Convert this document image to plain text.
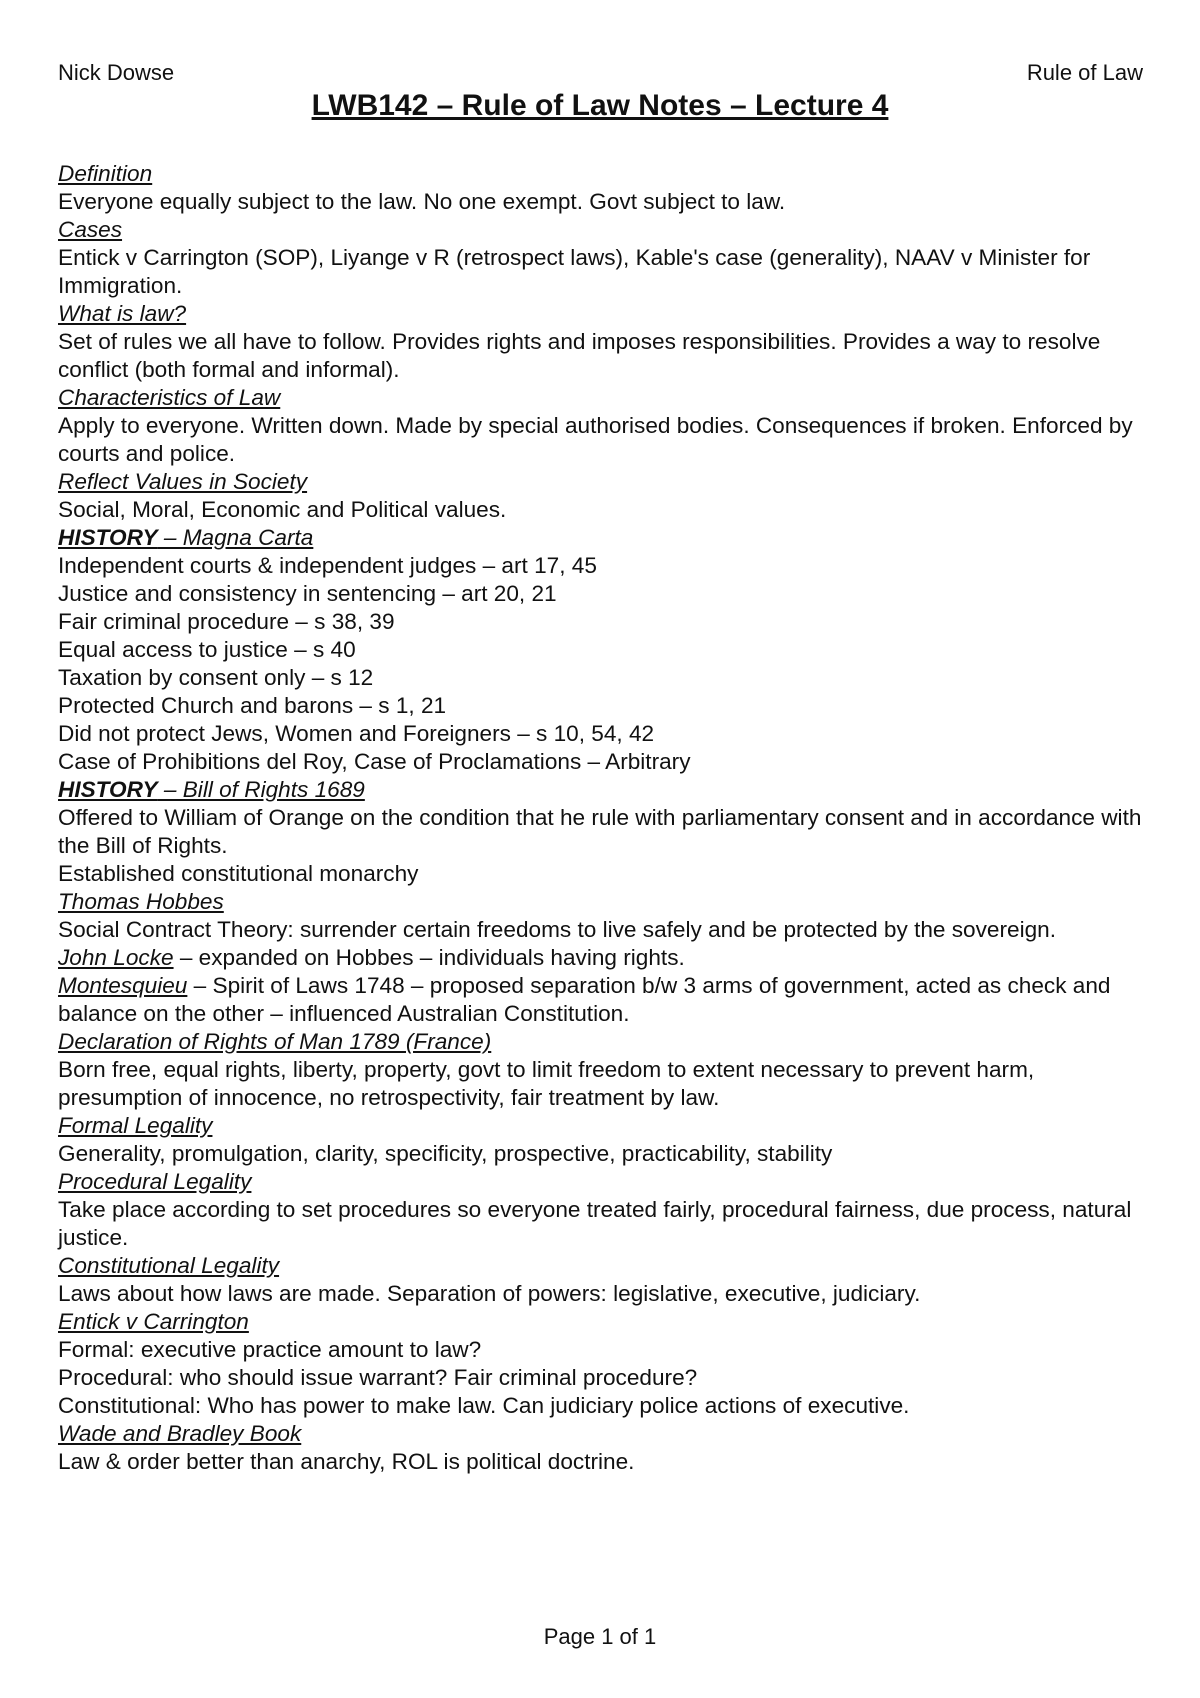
Nick Dowse	Rule of Law
LWB142 – Rule of Law Notes – Lecture 4

Definition

Everyone equally subject to the law. No one exempt. Govt subject to law.

Cases

Entick v Carrington (SOP), Liyange v R (retrospect laws), Kable's case (generality), NAAV v Minister for Immigration.

What is law?

Set of rules we all have to follow. Provides rights and imposes responsibilities. Provides a way to resolve conflict (both formal and informal).

Characteristics of Law

Apply to everyone. Written down. Made by special authorised bodies. Consequences if broken. Enforced by courts and police.

Reflect Values in Society

Social, Moral, Economic and Political values.

HISTORY – Magna Carta

Independent courts & independent judges – art 17, 45

Justice and consistency in sentencing – art 20, 21

Fair criminal procedure – s 38, 39

Equal access to justice – s 40

Taxation by consent only – s 12

Protected Church and barons – s 1, 21

Did not protect Jews, Women and Foreigners – s 10, 54, 42

Case of Prohibitions del Roy, Case of Proclamations – Arbitrary

HISTORY – Bill of Rights 1689

Offered to William of Orange on the condition that he rule with parliamentary consent and in accordance with the Bill of Rights.

Established constitutional monarchy

Thomas Hobbes

Social Contract Theory: surrender certain freedoms to live safely and be protected by the sovereign.

John Locke – expanded on Hobbes – individuals having rights.

Montesquieu – Spirit of Laws 1748 – proposed separation b/w 3 arms of government, acted as check and balance on the other – influenced Australian Constitution.

Declaration of Rights of Man 1789 (France)

Born free, equal rights, liberty, property, govt to limit freedom to extent necessary to prevent harm, presumption of innocence, no retrospectivity, fair treatment by law.

Formal Legality

Generality, promulgation, clarity, specificity, prospective, practicability, stability

Procedural Legality

Take place according to set procedures so everyone treated fairly, procedural fairness, due process, natural justice.

Constitutional Legality

Laws about how laws are made. Separation of powers: legislative, executive, judiciary.

Entick v Carrington

Formal: executive practice amount to law?

Procedural: who should issue warrant? Fair criminal procedure?

Constitutional: Who has power to make law. Can judiciary police actions of executive.

Wade and Bradley Book

Law & order better than anarchy, ROL is political doctrine.

Page 1 of 1
